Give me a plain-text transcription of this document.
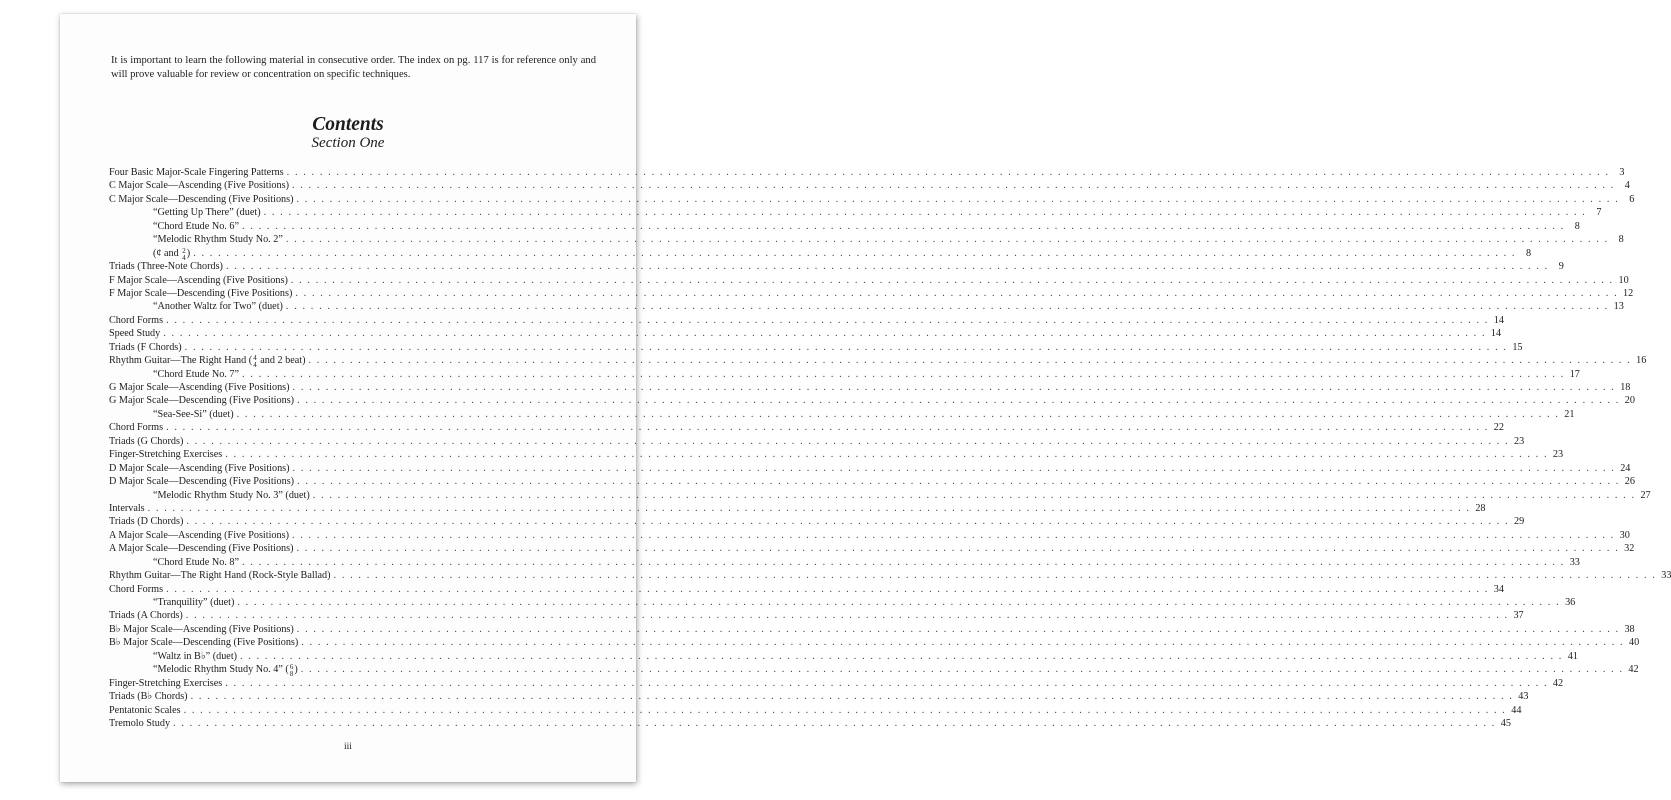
It is important to learn the following material in consecutive order. The index on pg. 117 is for reference only and will prove valuable for review or concentration on specific techniques.

Contents
Section One
Four Basic Major-Scale Fingering Patterns . . . . . . . . . . . . . . . . . . . . . . . . . . . . . . . . . . . . . . . . . . . . . . . . . . . . . . . . . . . . . . . . . . . . . . . . . . . . . . . . . . . . . . . . . . . . . . . . . . . . . . . . . . . . . . . . . . . . . . . . . . . . . . . . . . . . . . . . . . . . . . . . . . . . . . . . . . . . . . . . 3
C Major Scale—Ascending (Five Positions) . . . . . . . . . . . . . . . . . . . . . . . . . . . . . . . . . . . . . . . . . . . . . . . . . . . . . . . . . . . . . . . . . . . . . . . . . . . . . . . . . . . . . . . . . . . . . . . . . . . . . . . . . . . . . . . . . . . . . . . . . . . . . . . . . . . . . . . . . . . . . . . . . . . . . . . . . . . . . . . . 4
C Major Scale—Descending (Five Positions) . . . . . . . . . . . . . . . . . . . . . . . . . . . . . . . . . . . . . . . . . . . . . . . . . . . . . . . . . . . . . . . . . . . . . . . . . . . . . . . . . . . . . . . . . . . . . . . . . . . . . . . . . . . . . . . . . . . . . . . . . . . . . . . . . . . . . . . . . . . . . . . . . . . . . . . . . . . . . . . . 6
“Getting Up There” (duet) . . . . . . . . . . . . . . . . . . . . . . . . . . . . . . . . . . . . . . . . . . . . . . . . . . . . . . . . . . . . . . . . . . . . . . . . . . . . . . . . . . . . . . . . . . . . . . . . . . . . . . . . . . . . . . . . . . . . . . . . . . . . . . . . . . . . . . . . . . . . . . . . . . . . . . . . . . . . . . . . 7
“Chord Etude No. 6” . . . . . . . . . . . . . . . . . . . . . . . . . . . . . . . . . . . . . . . . . . . . . . . . . . . . . . . . . . . . . . . . . . . . . . . . . . . . . . . . . . . . . . . . . . . . . . . . . . . . . . . . . . . . . . . . . . . . . . . . . . . . . . . . . . . . . . . . . . . . . . . . . . . . . . . . . . . . . . . . 8
“Melodic Rhythm Study No. 2” . . . . . . . . . . . . . . . . . . . . . . . . . . . . . . . . . . . . . . . . . . . . . . . . . . . . . . . . . . . . . . . . . . . . . . . . . . . . . . . . . . . . . . . . . . . . . . . . . . . . . . . . . . . . . . . . . . . . . . . . . . . . . . . . . . . . . . . . . . . . . . . . . . . . . . . . . . . . . . . . 8
(¢ and 2
4 ) . . . . . . . . . . . . . . . . . . . . . . . . . . . . . . . . . . . . . . . . . . . . . . . . . . . . . . . . . . . . . . . . . . . . . . . . . . . . . . . . . . . . . . . . . . . . . . . . . . . . . . . . . . . . . . . . . . . . . . . . . . . . . . . . . . . . . . . . . . . . . . . . . . . . . . . . . . . . . . . . 8
Triads (Three-Note Chords) . . . . . . . . . . . . . . . . . . . . . . . . . . . . . . . . . . . . . . . . . . . . . . . . . . . . . . . . . . . . . . . . . . . . . . . . . . . . . . . . . . . . . . . . . . . . . . . . . . . . . . . . . . . . . . . . . . . . . . . . . . . . . . . . . . . . . . . . . . . . . . . . . . . . . . . . . . . . . . . . 9
F Major Scale—Ascending (Five Positions) . . . . . . . . . . . . . . . . . . . . . . . . . . . . . . . . . . . . . . . . . . . . . . . . . . . . . . . . . . . . . . . . . . . . . . . . . . . . . . . . . . . . . . . . . . . . . . . . . . . . . . . . . . . . . . . . . . . . . . . . . . . . . . . . . . . . . . . . . . . . . . . . . . . . . . . . . . . . . . . . 10
F Major Scale—Descending (Five Positions) . . . . . . . . . . . . . . . . . . . . . . . . . . . . . . . . . . . . . . . . . . . . . . . . . . . . . . . . . . . . . . . . . . . . . . . . . . . . . . . . . . . . . . . . . . . . . . . . . . . . . . . . . . . . . . . . . . . . . . . . . . . . . . . . . . . . . . . . . . . . . . . . . . . . . . . . . . . . . . . . 12
“Another Waltz for Two” (duet) . . . . . . . . . . . . . . . . . . . . . . . . . . . . . . . . . . . . . . . . . . . . . . . . . . . . . . . . . . . . . . . . . . . . . . . . . . . . . . . . . . . . . . . . . . . . . . . . . . . . . . . . . . . . . . . . . . . . . . . . . . . . . . . . . . . . . . . . . . . . . . . . . . . . . . . . . . . . . . . . 13
Chord Forms . . . . . . . . . . . . . . . . . . . . . . . . . . . . . . . . . . . . . . . . . . . . . . . . . . . . . . . . . . . . . . . . . . . . . . . . . . . . . . . . . . . . . . . . . . . . . . . . . . . . . . . . . . . . . . . . . . . . . . . . . . . . . . . . . . . . . . . . . . . . . . . . . . . . . . . . . . . . . . . . 14
Speed Study . . . . . . . . . . . . . . . . . . . . . . . . . . . . . . . . . . . . . . . . . . . . . . . . . . . . . . . . . . . . . . . . . . . . . . . . . . . . . . . . . . . . . . . . . . . . . . . . . . . . . . . . . . . . . . . . . . . . . . . . . . . . . . . . . . . . . . . . . . . . . . . . . . . . . . . . . . . . . . . . 14
Triads (F Chords) . . . . . . . . . . . . . . . . . . . . . . . . . . . . . . . . . . . . . . . . . . . . . . . . . . . . . . . . . . . . . . . . . . . . . . . . . . . . . . . . . . . . . . . . . . . . . . . . . . . . . . . . . . . . . . . . . . . . . . . . . . . . . . . . . . . . . . . . . . . . . . . . . . . . . . . . . . . . . . . . 15
Rhythm Guitar—The Right Hand ( 4
4 and 2 beat) . . . . . . . . . . . . . . . . . . . . . . . . . . . . . . . . . . . . . . . . . . . . . . . . . . . . . . . . . . . . . . . . . . . . . . . . . . . . . . . . . . . . . . . . . . . . . . . . . . . . . . . . . . . . . . . . . . . . . . . . . . . . . . . . . . . . . . . . . . . . . . . . . . . . . . . . . . . . . . . . 16
“Chord Etude No. 7” . . . . . . . . . . . . . . . . . . . . . . . . . . . . . . . . . . . . . . . . . . . . . . . . . . . . . . . . . . . . . . . . . . . . . . . . . . . . . . . . . . . . . . . . . . . . . . . . . . . . . . . . . . . . . . . . . . . . . . . . . . . . . . . . . . . . . . . . . . . . . . . . . . . . . . . . . . . . . . . . 17
G Major Scale—Ascending (Five Positions) . . . . . . . . . . . . . . . . . . . . . . . . . . . . . . . . . . . . . . . . . . . . . . . . . . . . . . . . . . . . . . . . . . . . . . . . . . . . . . . . . . . . . . . . . . . . . . . . . . . . . . . . . . . . . . . . . . . . . . . . . . . . . . . . . . . . . . . . . . . . . . . . . . . . . . . . . . . . . . . . 18
G Major Scale—Descending (Five Positions) . . . . . . . . . . . . . . . . . . . . . . . . . . . . . . . . . . . . . . . . . . . . . . . . . . . . . . . . . . . . . . . . . . . . . . . . . . . . . . . . . . . . . . . . . . . . . . . . . . . . . . . . . . . . . . . . . . . . . . . . . . . . . . . . . . . . . . . . . . . . . . . . . . . . . . . . . . . . . . . . 20
“Sea-See-Si” (duet) . . . . . . . . . . . . . . . . . . . . . . . . . . . . . . . . . . . . . . . . . . . . . . . . . . . . . . . . . . . . . . . . . . . . . . . . . . . . . . . . . . . . . . . . . . . . . . . . . . . . . . . . . . . . . . . . . . . . . . . . . . . . . . . . . . . . . . . . . . . . . . . . . . . . . . . . . . . . . . . . 21
Chord Forms . . . . . . . . . . . . . . . . . . . . . . . . . . . . . . . . . . . . . . . . . . . . . . . . . . . . . . . . . . . . . . . . . . . . . . . . . . . . . . . . . . . . . . . . . . . . . . . . . . . . . . . . . . . . . . . . . . . . . . . . . . . . . . . . . . . . . . . . . . . . . . . . . . . . . . . . . . . . . . . . 22
Triads (G Chords) . . . . . . . . . . . . . . . . . . . . . . . . . . . . . . . . . . . . . . . . . . . . . . . . . . . . . . . . . . . . . . . . . . . . . . . . . . . . . . . . . . . . . . . . . . . . . . . . . . . . . . . . . . . . . . . . . . . . . . . . . . . . . . . . . . . . . . . . . . . . . . . . . . . . . . . . . . . . . . . . 23
Finger-Stretching Exercises . . . . . . . . . . . . . . . . . . . . . . . . . . . . . . . . . . . . . . . . . . . . . . . . . . . . . . . . . . . . . . . . . . . . . . . . . . . . . . . . . . . . . . . . . . . . . . . . . . . . . . . . . . . . . . . . . . . . . . . . . . . . . . . . . . . . . . . . . . . . . . . . . . . . . . . . . . . . . . . . 23
D Major Scale—Ascending (Five Positions) . . . . . . . . . . . . . . . . . . . . . . . . . . . . . . . . . . . . . . . . . . . . . . . . . . . . . . . . . . . . . . . . . . . . . . . . . . . . . . . . . . . . . . . . . . . . . . . . . . . . . . . . . . . . . . . . . . . . . . . . . . . . . . . . . . . . . . . . . . . . . . . . . . . . . . . . . . . . . . . . 24
D Major Scale—Descending (Five Positions) . . . . . . . . . . . . . . . . . . . . . . . . . . . . . . . . . . . . . . . . . . . . . . . . . . . . . . . . . . . . . . . . . . . . . . . . . . . . . . . . . . . . . . . . . . . . . . . . . . . . . . . . . . . . . . . . . . . . . . . . . . . . . . . . . . . . . . . . . . . . . . . . . . . . . . . . . . . . . . . . 26
“Melodic Rhythm Study No. 3” (duet) . . . . . . . . . . . . . . . . . . . . . . . . . . . . . . . . . . . . . . . . . . . . . . . . . . . . . . . . . . . . . . . . . . . . . . . . . . . . . . . . . . . . . . . . . . . . . . . . . . . . . . . . . . . . . . . . . . . . . . . . . . . . . . . . . . . . . . . . . . . . . . . . . . . . . . . . . . . . . . . . 27
Intervals . . . . . . . . . . . . . . . . . . . . . . . . . . . . . . . . . . . . . . . . . . . . . . . . . . . . . . . . . . . . . . . . . . . . . . . . . . . . . . . . . . . . . . . . . . . . . . . . . . . . . . . . . . . . . . . . . . . . . . . . . . . . . . . . . . . . . . . . . . . . . . . . . . . . . . . . . . . . . . . . 28
Triads (D Chords) . . . . . . . . . . . . . . . . . . . . . . . . . . . . . . . . . . . . . . . . . . . . . . . . . . . . . . . . . . . . . . . . . . . . . . . . . . . . . . . . . . . . . . . . . . . . . . . . . . . . . . . . . . . . . . . . . . . . . . . . . . . . . . . . . . . . . . . . . . . . . . . . . . . . . . . . . . . . . . . . 29
A Major Scale—Ascending (Five Positions) . . . . . . . . . . . . . . . . . . . . . . . . . . . . . . . . . . . . . . . . . . . . . . . . . . . . . . . . . . . . . . . . . . . . . . . . . . . . . . . . . . . . . . . . . . . . . . . . . . . . . . . . . . . . . . . . . . . . . . . . . . . . . . . . . . . . . . . . . . . . . . . . . . . . . . . . . . . . . . . . 30
A Major Scale—Descending (Five Positions) . . . . . . . . . . . . . . . . . . . . . . . . . . . . . . . . . . . . . . . . . . . . . . . . . . . . . . . . . . . . . . . . . . . . . . . . . . . . . . . . . . . . . . . . . . . . . . . . . . . . . . . . . . . . . . . . . . . . . . . . . . . . . . . . . . . . . . . . . . . . . . . . . . . . . . . . . . . . . . . . 32
“Chord Etude No. 8” . . . . . . . . . . . . . . . . . . . . . . . . . . . . . . . . . . . . . . . . . . . . . . . . . . . . . . . . . . . . . . . . . . . . . . . . . . . . . . . . . . . . . . . . . . . . . . . . . . . . . . . . . . . . . . . . . . . . . . . . . . . . . . . . . . . . . . . . . . . . . . . . . . . . . . . . . . . . . . . . 33
Rhythm Guitar—The Right Hand (Rock-Style Ballad) . . . . . . . . . . . . . . . . . . . . . . . . . . . . . . . . . . . . . . . . . . . . . . . . . . . . . . . . . . . . . . . . . . . . . . . . . . . . . . . . . . . . . . . . . . . . . . . . . . . . . . . . . . . . . . . . . . . . . . . . . . . . . . . . . . . . . . . . . . . . . . . . . . . . . . . . . . . . . . . . 33
Chord Forms . . . . . . . . . . . . . . . . . . . . . . . . . . . . . . . . . . . . . . . . . . . . . . . . . . . . . . . . . . . . . . . . . . . . . . . . . . . . . . . . . . . . . . . . . . . . . . . . . . . . . . . . . . . . . . . . . . . . . . . . . . . . . . . . . . . . . . . . . . . . . . . . . . . . . . . . . . . . . . . . 34
“Tranquility” (duet) . . . . . . . . . . . . . . . . . . . . . . . . . . . . . . . . . . . . . . . . . . . . . . . . . . . . . . . . . . . . . . . . . . . . . . . . . . . . . . . . . . . . . . . . . . . . . . . . . . . . . . . . . . . . . . . . . . . . . . . . . . . . . . . . . . . . . . . . . . . . . . . . . . . . . . . . . . . . . . . . 36
Triads (A Chords) . . . . . . . . . . . . . . . . . . . . . . . . . . . . . . . . . . . . . . . . . . . . . . . . . . . . . . . . . . . . . . . . . . . . . . . . . . . . . . . . . . . . . . . . . . . . . . . . . . . . . . . . . . . . . . . . . . . . . . . . . . . . . . . . . . . . . . . . . . . . . . . . . . . . . . . . . . . . . . . . 37
B♭ Major Scale—Ascending (Five Positions) . . . . . . . . . . . . . . . . . . . . . . . . . . . . . . . . . . . . . . . . . . . . . . . . . . . . . . . . . . . . . . . . . . . . . . . . . . . . . . . . . . . . . . . . . . . . . . . . . . . . . . . . . . . . . . . . . . . . . . . . . . . . . . . . . . . . . . . . . . . . . . . . . . . . . . . . . . . . . . . . 38
B♭ Major Scale—Descending (Five Positions) . . . . . . . . . . . . . . . . . . . . . . . . . . . . . . . . . . . . . . . . . . . . . . . . . . . . . . . . . . . . . . . . . . . . . . . . . . . . . . . . . . . . . . . . . . . . . . . . . . . . . . . . . . . . . . . . . . . . . . . . . . . . . . . . . . . . . . . . . . . . . . . . . . . . . . . . . . . . . . . . 40
“Waltz in B♭” (duet) . . . . . . . . . . . . . . . . . . . . . . . . . . . . . . . . . . . . . . . . . . . . . . . . . . . . . . . . . . . . . . . . . . . . . . . . . . . . . . . . . . . . . . . . . . . . . . . . . . . . . . . . . . . . . . . . . . . . . . . . . . . . . . . . . . . . . . . . . . . . . . . . . . . . . . . . . . . . . . . . 41
“Melodic Rhythm Study No. 4” ( 6
8 ) . . . . . . . . . . . . . . . . . . . . . . . . . . . . . . . . . . . . . . . . . . . . . . . . . . . . . . . . . . . . . . . . . . . . . . . . . . . . . . . . . . . . . . . . . . . . . . . . . . . . . . . . . . . . . . . . . . . . . . . . . . . . . . . . . . . . . . . . . . . . . . . . . . . . . . . . . . . . . . . . 42
Finger-Stretching Exercises . . . . . . . . . . . . . . . . . . . . . . . . . . . . . . . . . . . . . . . . . . . . . . . . . . . . . . . . . . . . . . . . . . . . . . . . . . . . . . . . . . . . . . . . . . . . . . . . . . . . . . . . . . . . . . . . . . . . . . . . . . . . . . . . . . . . . . . . . . . . . . . . . . . . . . . . . . . . . . . . 42
Triads (B♭ Chords) . . . . . . . . . . . . . . . . . . . . . . . . . . . . . . . . . . . . . . . . . . . . . . . . . . . . . . . . . . . . . . . . . . . . . . . . . . . . . . . . . . . . . . . . . . . . . . . . . . . . . . . . . . . . . . . . . . . . . . . . . . . . . . . . . . . . . . . . . . . . . . . . . . . . . . . . . . . . . . . . 43
Pentatonic Scales . . . . . . . . . . . . . . . . . . . . . . . . . . . . . . . . . . . . . . . . . . . . . . . . . . . . . . . . . . . . . . . . . . . . . . . . . . . . . . . . . . . . . . . . . . . . . . . . . . . . . . . . . . . . . . . . . . . . . . . . . . . . . . . . . . . . . . . . . . . . . . . . . . . . . . . . . . . . . . . . 44
Tremolo Study . . . . . . . . . . . . . . . . . . . . . . . . . . . . . . . . . . . . . . . . . . . . . . . . . . . . . . . . . . . . . . . . . . . . . . . . . . . . . . . . . . . . . . . . . . . . . . . . . . . . . . . . . . . . . . . . . . . . . . . . . . . . . . . . . . . . . . . . . . . . . . . . . . . . . . . . . . . . . . . . 45
iii
